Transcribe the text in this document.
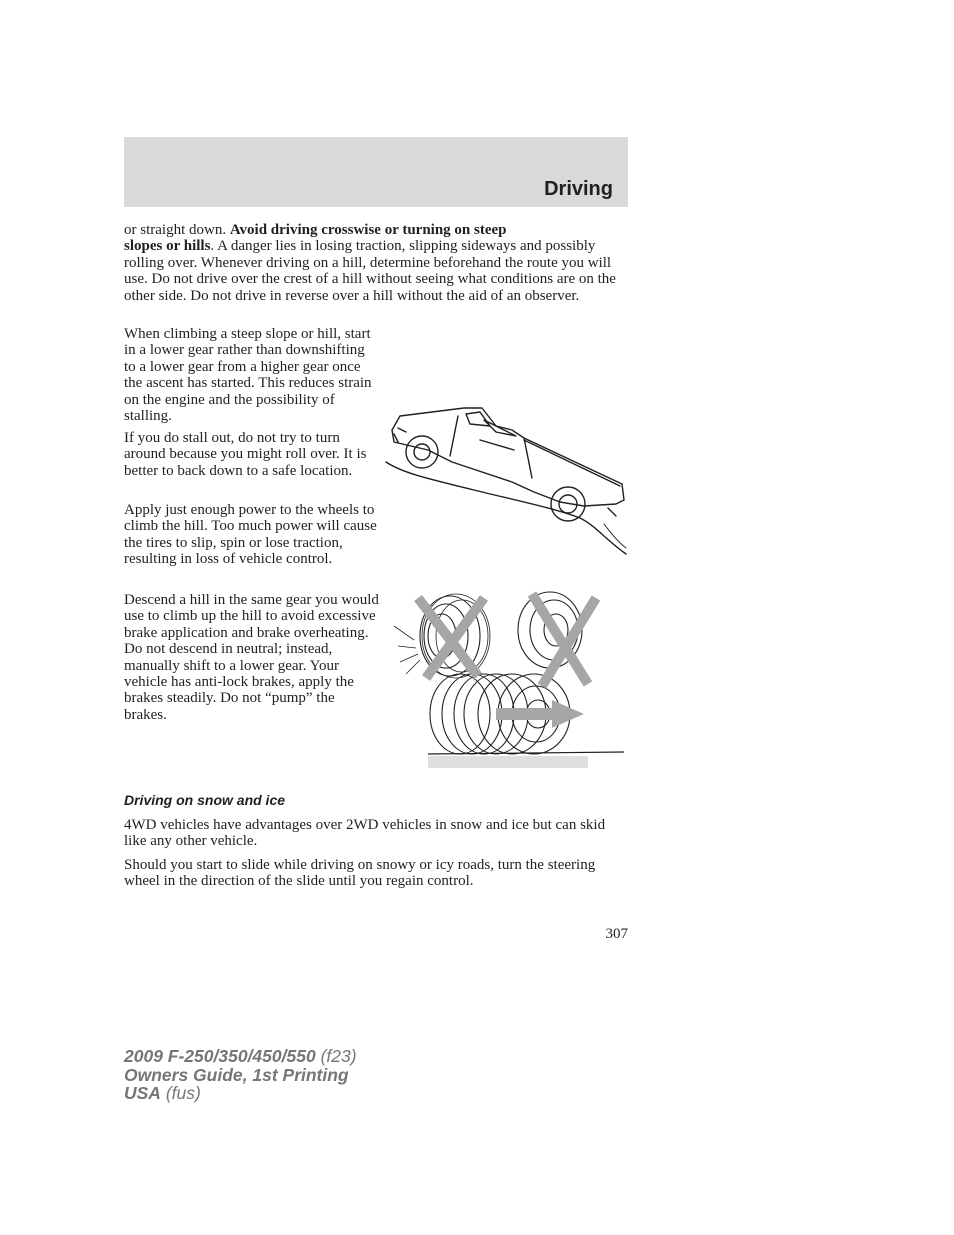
Driving

or straight down. Avoid driving crosswise or turning on steep
slopes or hills. A danger lies in losing traction, slipping sideways and possibly rolling over. Whenever driving on a hill, determine beforehand the route you will use. Do not drive over the crest of a hill without seeing what conditions are on the other side. Do not drive in reverse over a hill without the aid of an observer.

When climbing a steep slope or hill, start in a lower gear rather than downshifting to a lower gear from a higher gear once the ascent has started. This reduces strain on the engine and the possibility of stalling.

If you do stall out, do not try to turn around because you might roll over. It is better to back down to a safe location.

Apply just enough power to the wheels to climb the hill. Too much power will cause the tires to slip, spin or lose traction, resulting in loss of vehicle control.

Descend a hill in the same gear you would use to climb up the hill to avoid excessive brake application and brake overheating. Do not descend in neutral; instead, manually shift to a lower gear. Your vehicle has anti-lock brakes, apply the brakes steadily. Do not “pump” the brakes.

Driving on snow and ice

4WD vehicles have advantages over 2WD vehicles in snow and ice but can skid like any other vehicle.

Should you start to slide while driving on snowy or icy roads, turn the steering wheel in the direction of the slide until you regain control.

307

2009 F-250/350/450/550 (f23)
Owners Guide, 1st Printing
USA (fus)
